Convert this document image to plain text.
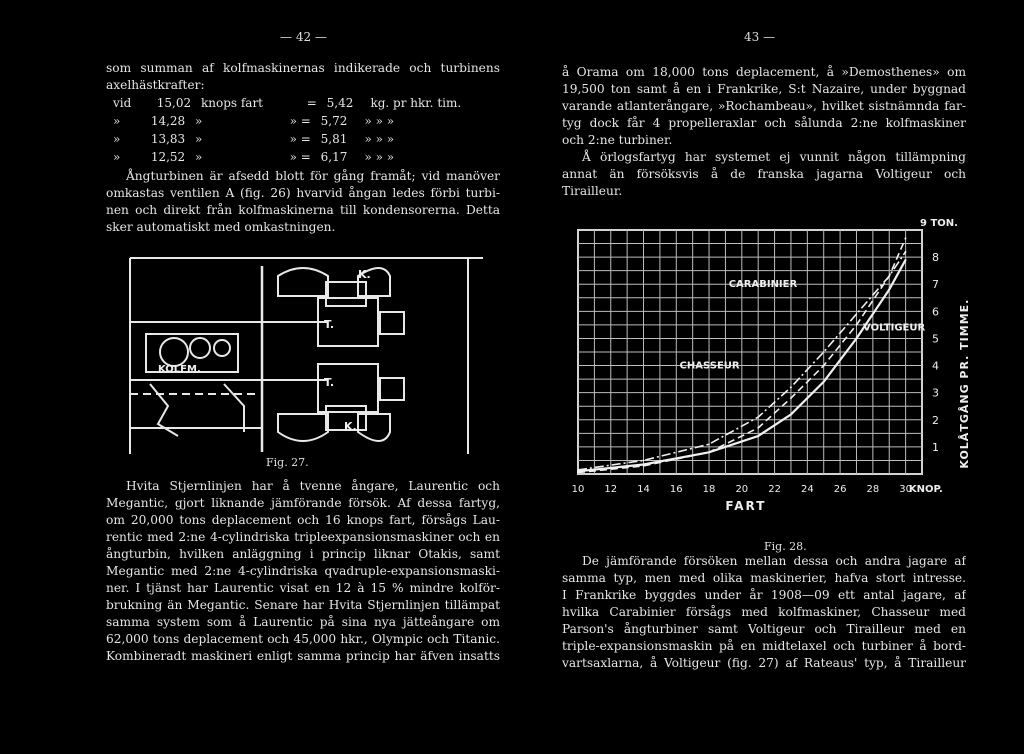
— 42 —

som summan af kolfmaskinernas indikerade och turbinens

axelhästkrafter:

vid 15,02 knops fart	= 5,42 kg. pr hkr. tim.
»	14,28 »	» = 5,72 » » »
»	13,83 »	» = 5,81 » » »
»	12,52 »	» = 6,17 » » »

Ångturbinen är afsedd blott för gång framåt; vid manöver

omkastas ventilen A (fig. 26) hvarvid ångan ledes förbi turbi-

nen och direkt från kolfmaskinerna till kondensorerna. Detta

sker automatiskt med omkastningen.

K.
T.
KOLFM.
T.
K.
Fig. 27.

Hvita Stjernlinjen har å tvenne ångare, Laurentic och

Megantic, gjort liknande jämförande försök. Af dessa fartyg,

om 20,000 tons deplacement och 16 knops fart, försågs Lau-

rentic med 2:ne 4-cylindriska tripleexpansionsmaskiner och en

ångturbin, hvilken anläggning i princip liknar Otakis, samt

Megantic med 2:ne 4-cylindriska qvadruple-expansionsmaski-

ner. I tjänst har Laurentic visat en 12 à 15 % mindre kolför-

brukning än Megantic. Senare har Hvita Stjernlinjen tillämpat

samma system som å Laurentic på sina nya jätteångare om

62,000 tons deplacement och 45,000 hkr., Olympic och Titanic.

Kombineradt maskineri enligt samma princip har äfven insatts

43 —

å Orama om 18,000 tons deplacement, å »Demosthenes» om

19,500 ton samt å en i Frankrike, S:t Nazaire, under byggnad

varande atlanterångare, »Rochambeau», hvilket sistnämnda far-

tyg dock får 4 propelleraxlar och sålunda 2:ne kolfmaskiner

och 2:ne turbiner.

Å örlogsfartyg har systemet ej vunnit någon tillämpning

annat än försöksvis å de franska jagarna Voltigeur och

Tirailleur.

10 12 14 16 18 20 22 24 26 28 30
1
2
3
4
5
6
7
8
CARABINIER
CHASSEUR
VOLTIGEUR
9 TON.
KNOP.
FART
KOLÅTGÅNG PR. TIMME.
Fig. 28.

De jämförande försöken mellan dessa och andra jagare af

samma typ, men med olika maskinerier, hafva stort intresse.

I Frankrike byggdes under år 1908—09 ett antal jagare, af

hvilka Carabinier försågs med kolfmaskiner, Chasseur med

Parson's ångturbiner samt Voltigeur och Tirailleur med en

triple-expansionsmaskin på en midtelaxel och turbiner å bord-

vartsaxlarna, å Voltigeur (fig. 27) af Rateaus' typ, å Tirailleur
